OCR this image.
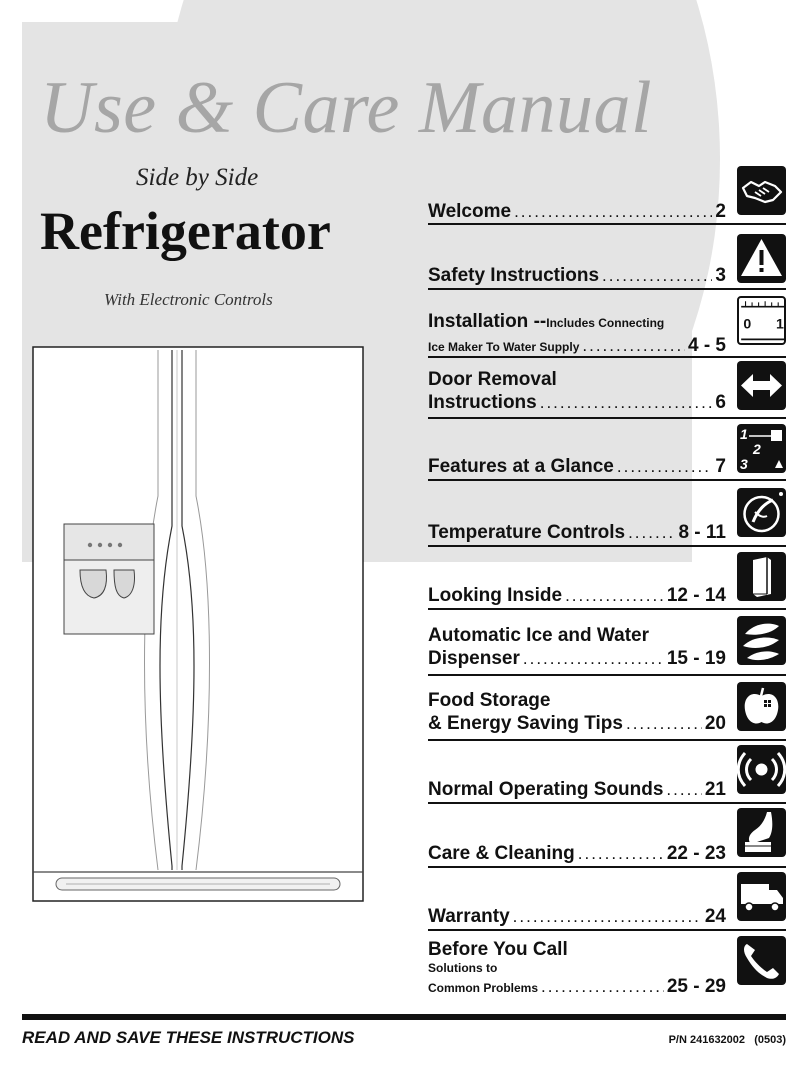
Use & Care Manual
Side by Side
Refrigerator
With Electronic Controls
Welcome .....	2
Safety Instructions .....	3
Installation -- Includes Connecting
Ice Maker To Water Supply .....	4 - 5
Door Removal
Instructions .....	6
Features at a Glance .....	7
Temperature Controls .....	8 - 11
Looking Inside .....	12 - 14
Automatic Ice and Water
Dispenser .....	15 - 19
Food Storage
& Energy Saving Tips .....	20
Normal Operating Sounds ..... 21
Care & Cleaning .....	22 - 23
Warranty .....	24
Before You Call
Solutions to
Common Problems .....	25 - 29
0 1
1
2
3
READ AND SAVE THESE INSTRUCTIONS	P/N 241632002 (0503)
